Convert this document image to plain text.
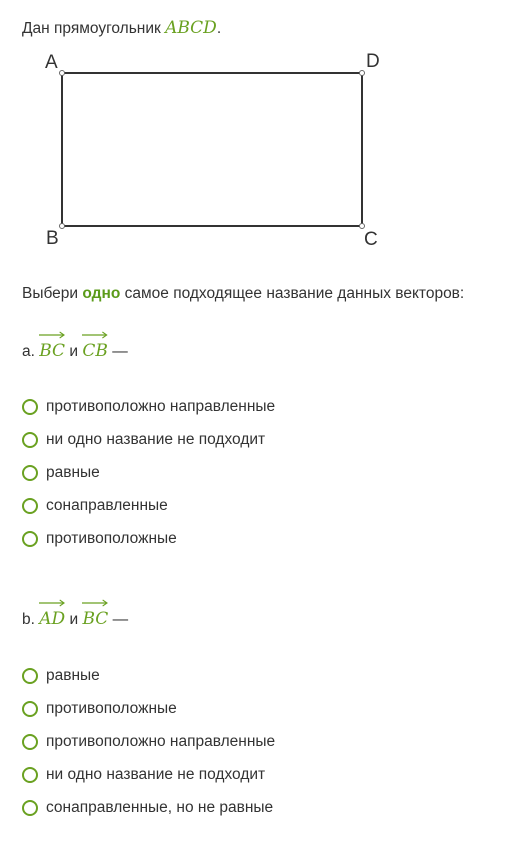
Дан прямоугольник ABCD.
A	D
B	C
Выбери одно самое подходящее название данных векторов:
a. BC и CB —
противоположно направленные
ни одно название не подходит
равные
сонаправленные
противоположные
b. AD и BC —
равные
противоположные
противоположно направленные
ни одно название не подходит
сонаправленные, но не равные
